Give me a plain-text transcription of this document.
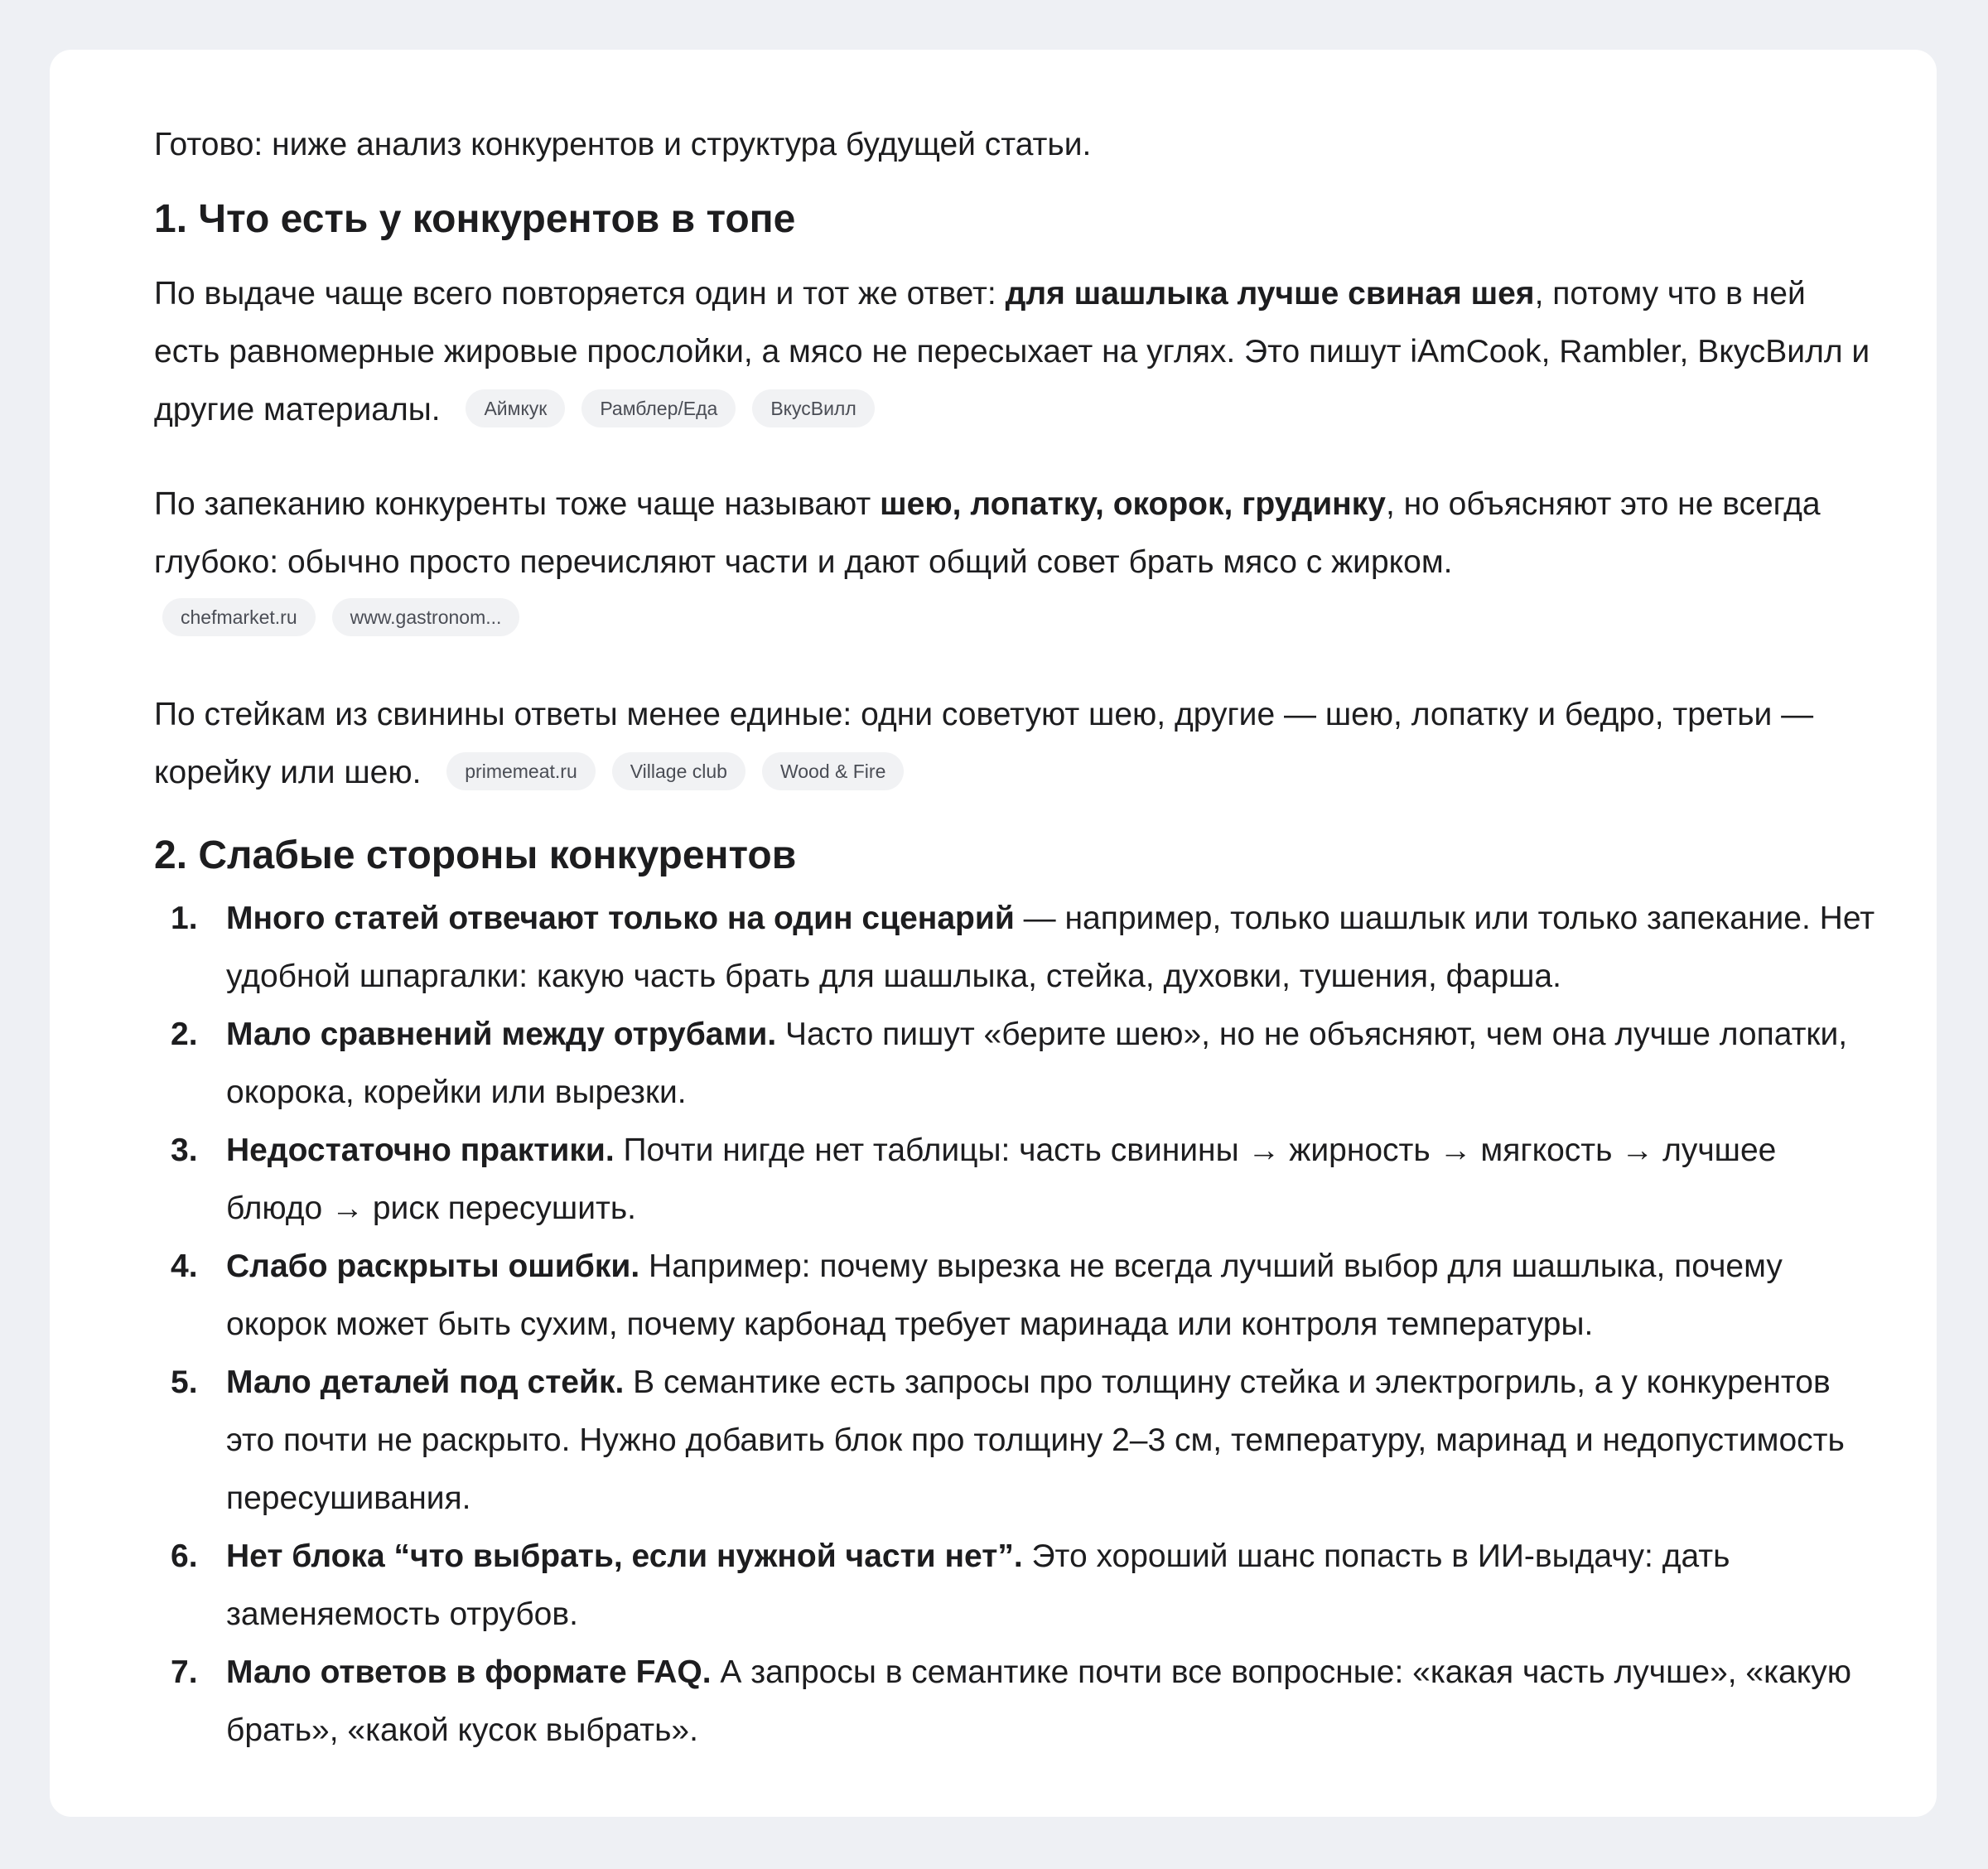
Готово: ниже анализ конкурентов и структура будущей статьи.

1. Что есть у конкурентов в топе

По выдаче чаще всего повторяется один и тот же ответ: для шашлыка лучше свиная шея, потому что в ней есть равномерные жировые прослойки, а мясо не пересыхает на углях. Это пишут iAmCook, Rambler, ВкусВилл и другие материалы. Аймкук	Рамблер/Еда	ВкусВилл

По запеканию конкуренты тоже чаще называют шею, лопатку, окорок, грудинку, но объясняют это не всегда глубоко: обычно просто перечисляют части и дают общий совет брать мясо с жирком.

chefmarket.ru	www.gastronom...

По стейкам из свинины ответы менее единые: одни советуют шею, другие — шею, лопатку и бедро, третьи — корейку или шею. primemeat.ru	Village club	Wood & Fire

2. Слабые стороны конкурентов
1. Много статей отвечают только на один сценарий — например, только шашлык или только запекание. Нет удобной шпаргалки: какую часть брать для шашлыка, стейка, духовки, тушения, фарша.
2. Мало сравнений между отрубами. Часто пишут «берите шею», но не объясняют, чем она лучше лопатки, окорока, корейки или вырезки.
3. Недостаточно практики. Почти нигде нет таблицы: часть свинины → жирность → мягкость → лучшее блюдо → риск пересушить.
4. Слабо раскрыты ошибки. Например: почему вырезка не всегда лучший выбор для шашлыка, почему окорок может быть сухим, почему карбонад требует маринада или контроля температуры.
5. Мало деталей под стейк. В семантике есть запросы про толщину стейка и электрогриль, а у конкурентов это почти не раскрыто. Нужно добавить блок про толщину 2–3 см, температуру, маринад и недопустимость пересушивания.
6. Нет блока “что выбрать, если нужной части нет”. Это хороший шанс попасть в ИИ-выдачу: дать заменяемость отрубов.
7. Мало ответов в формате FAQ. А запросы в семантике почти все вопросные: «какая часть лучше», «какую брать», «какой кусок выбрать».
